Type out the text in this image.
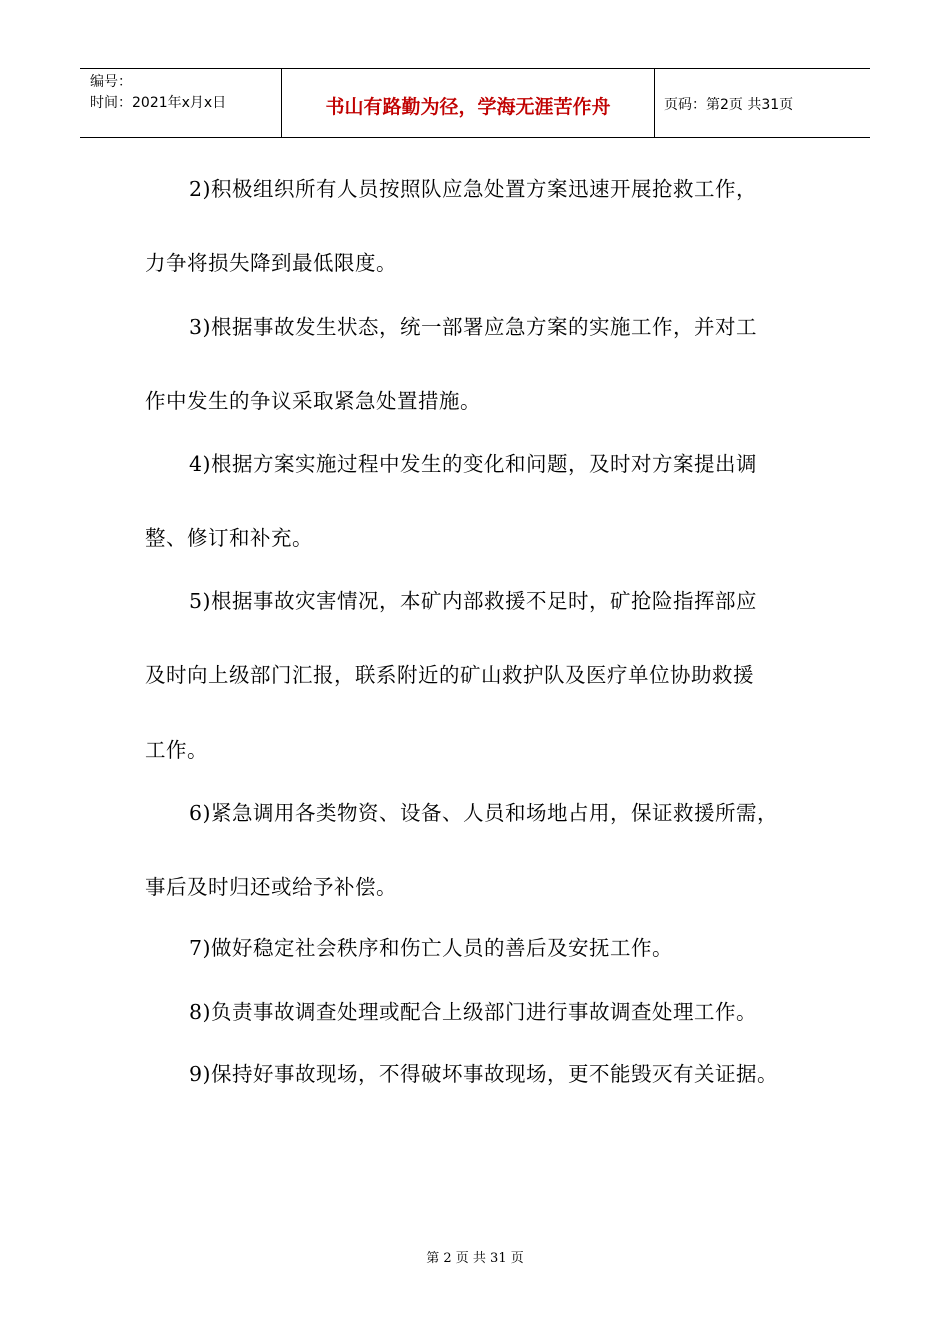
编号：
时间：2021年x月x日	书山有路勤为径，学海无涯苦作舟	页码：第2页 共31页
2)积极组织所有人员按照队应急处置方案迅速开展抢救工作，
力争将损失降到最低限度。
3)根据事故发生状态，统一部署应急方案的实施工作，并对工
作中发生的争议采取紧急处置措施。
4)根据方案实施过程中发生的变化和问题，及时对方案提出调
整、修订和补充。
5)根据事故灾害情况，本矿内部救援不足时，矿抢险指挥部应
及时向上级部门汇报，联系附近的矿山救护队及医疗单位协助救援
工作。
6)紧急调用各类物资、设备、人员和场地占用，保证救援所需，
事后及时归还或给予补偿。
7)做好稳定社会秩序和伤亡人员的善后及安抚工作。
8)负责事故调查处理或配合上级部门进行事故调查处理工作。
9)保持好事故现场，不得破坏事故现场，更不能毁灭有关证据。
第 2 页 共 31 页
